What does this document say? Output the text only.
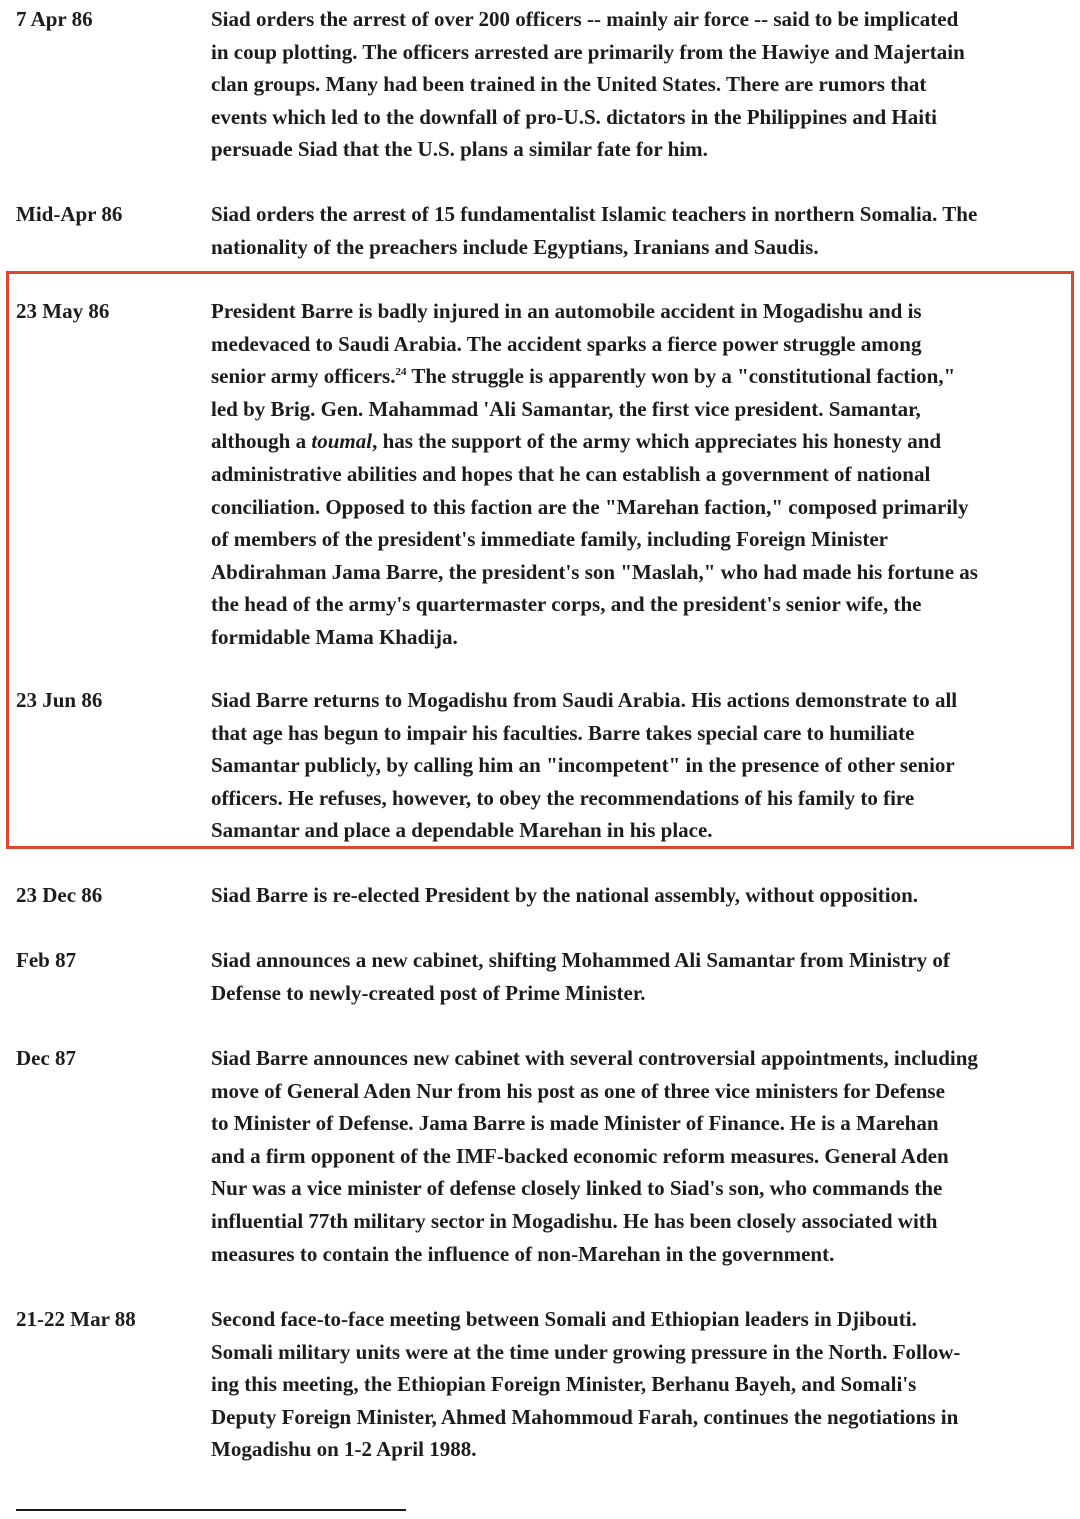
7 Apr 86	Siad orders the arrest of over 200 officers -- mainly air force -- said to be implicated
in coup plotting. The officers arrested are primarily from the Hawiye and Majertain
clan groups. Many had been trained in the United States. There are rumors that
events which led to the downfall of pro-U.S. dictators in the Philippines and Haiti
persuade Siad that the U.S. plans a similar fate for him.
Mid-Apr 86	Siad orders the arrest of 15 fundamentalist Islamic teachers in northern Somalia. The
nationality of the preachers include Egyptians, Iranians and Saudis.
23 May 86	President Barre is badly injured in an automobile accident in Mogadishu and is
medevaced to Saudi Arabia. The accident sparks a fierce power struggle among
senior army officers.$^{24}$ The struggle is apparently won by a "constitutional faction,"
led by Brig. Gen. Mahammad 'Ali Samantar, the first vice president. Samantar,
although a toumal, has the support of the army which appreciates his honesty and
administrative abilities and hopes that he can establish a government of national
conciliation. Opposed to this faction are the "Marehan faction," composed primarily
of members of the president's immediate family, including Foreign Minister
Abdirahman Jama Barre, the president's son "Maslah," who had made his fortune as
the head of the army's quartermaster corps, and the president's senior wife, the
formidable Mama Khadija.
23 Jun 86	Siad Barre returns to Mogadishu from Saudi Arabia. His actions demonstrate to all
that age has begun to impair his faculties. Barre takes special care to humiliate
Samantar publicly, by calling him an "incompetent" in the presence of other senior
officers. He refuses, however, to obey the recommendations of his family to fire
Samantar and place a dependable Marehan in his place.
23 Dec 86	Siad Barre is re-elected President by the national assembly, without opposition.
Feb 87	Siad announces a new cabinet, shifting Mohammed Ali Samantar from Ministry of
Defense to newly-created post of Prime Minister.
Dec 87	Siad Barre announces new cabinet with several controversial appointments, including
move of General Aden Nur from his post as one of three vice ministers for Defense
to Minister of Defense. Jama Barre is made Minister of Finance. He is a Marehan
and a firm opponent of the IMF-backed economic reform measures. General Aden
Nur was a vice minister of defense closely linked to Siad's son, who commands the
influential 77th military sector in Mogadishu. He has been closely associated with
measures to contain the influence of non-Marehan in the government.
21-22 Mar 88	Second face-to-face meeting between Somali and Ethiopian leaders in Djibouti.
Somali military units were at the time under growing pressure in the North. Follow-
ing this meeting, the Ethiopian Foreign Minister, Berhanu Bayeh, and Somali's
Deputy Foreign Minister, Ahmed Mahommoud Farah, continues the negotiations in
Mogadishu on 1-2 April 1988.
